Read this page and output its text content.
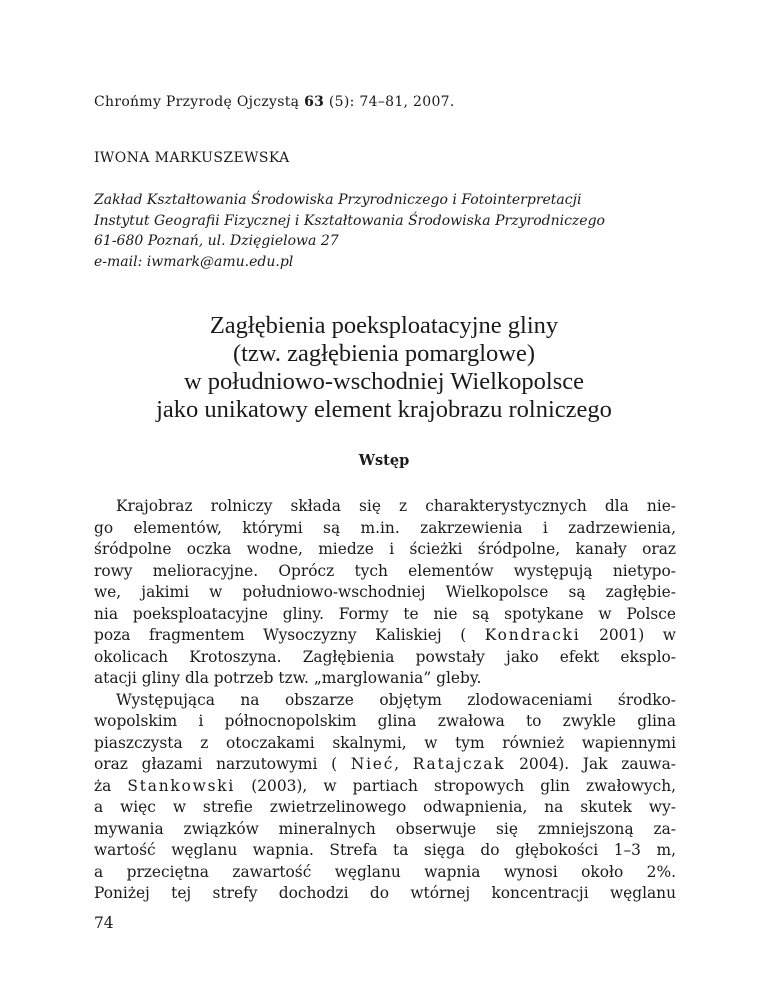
Chrońmy Przyrodę Ojczystą 63 (5): 74–81, 2007.
IWONA MARKUSZEWSKA
Zakład Kształtowania Środowiska Przyrodniczego i Fotointerpretacji
Instytut Geografii Fizycznej i Kształtowania Środowiska Przyrodniczego
61-680 Poznań, ul. Dzięgielowa 27
e-mail: iwmark@amu.edu.pl
Zagłębienia poeksploatacyjne gliny
(tzw. zagłębienia pomarglowe)
w południowo-wschodniej Wielkopolsce
jako unikatowy element krajobrazu rolniczego
Wstęp
Krajobraz rolniczy składa się z charakterystycznych dla nie-
go elementów, którymi są m.in. zakrzewienia i zadrzewienia,
śródpolne oczka wodne, miedze i ścieżki śródpolne, kanały oraz
rowy melioracyjne. Oprócz tych elementów występują nietypo-
we, jakimi w południowo-wschodniej Wielkopolsce są zagłębie-
nia poeksploatacyjne gliny. Formy te nie są spotykane w Polsce
poza fragmentem Wysoczyzny Kaliskiej ( Kondracki 2001) w
okolicach Krotoszyna. Zagłębienia powstały jako efekt eksplo-
atacji gliny dla potrzeb tzw. „marglowania” gleby.
Występująca na obszarze objętym zlodowaceniami środko-
wopolskim i północnopolskim glina zwałowa to zwykle glina
piaszczysta z otoczakami skalnymi, w tym również wapiennymi
oraz głazami narzutowymi ( Nieć, Ratajczak 2004). Jak zauwa-
ża Stankowski (2003), w partiach stropowych glin zwałowych,
a więc w strefie zwietrzelinowego odwapnienia, na skutek wy-
mywania związków mineralnych obserwuje się zmniejszoną za-
wartość węglanu wapnia. Strefa ta sięga do głębokości 1–3 m,
a przeciętna zawartość węglanu wapnia wynosi około 2%.
Poniżej tej strefy dochodzi do wtórnej koncentracji węglanu
74
